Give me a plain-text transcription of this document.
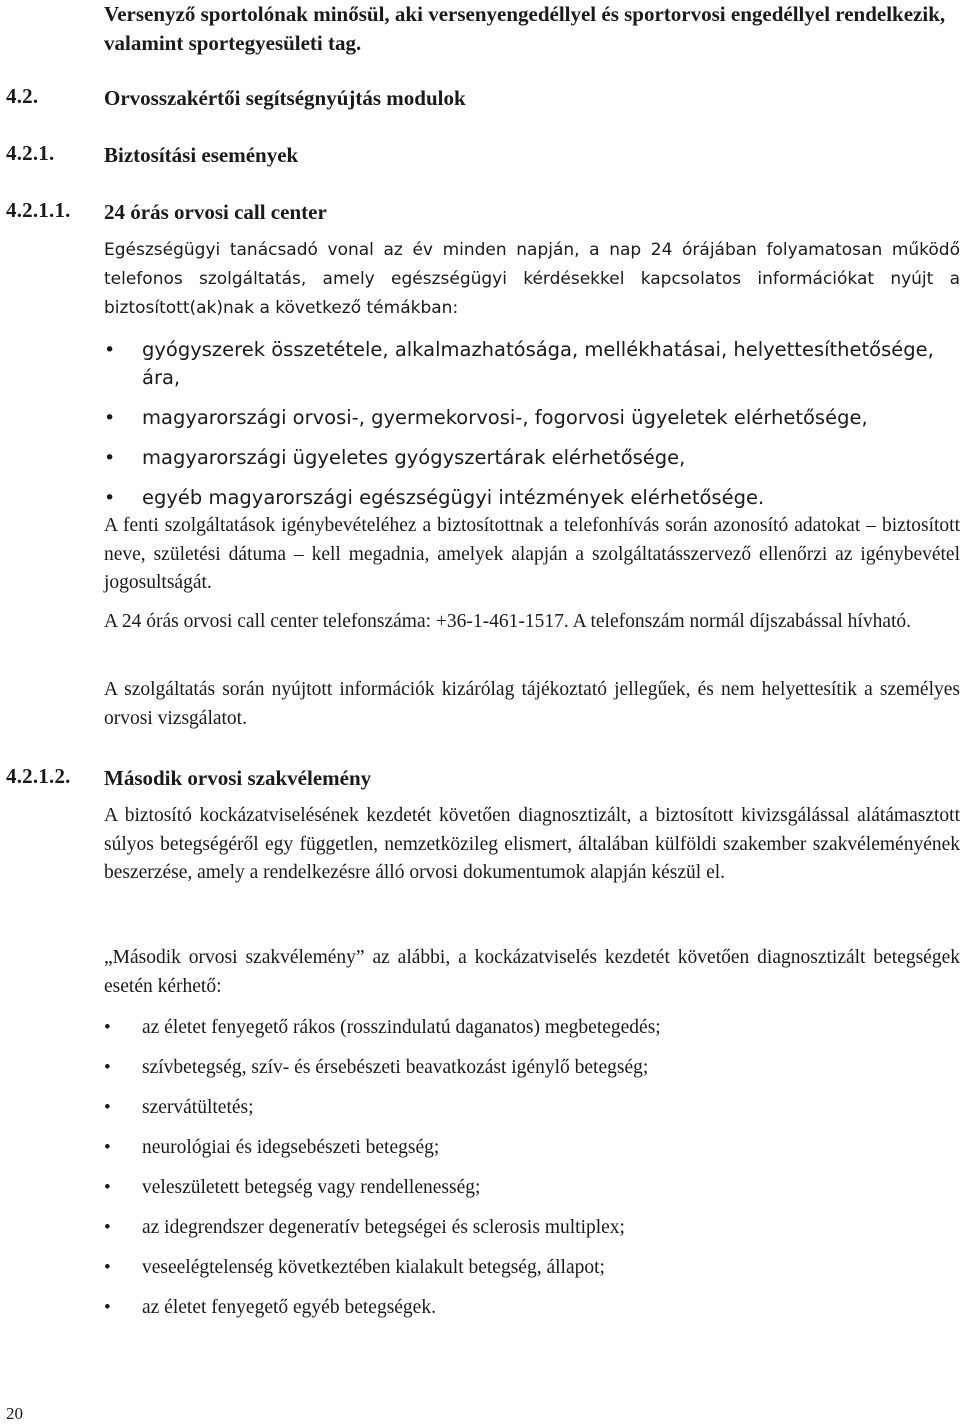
Versenyző sportolónak minősül, aki versenyengedéllyel és sportorvosi engedéllyel rendelkezik, valamint sportegyesületi tag.

4.2.	Orvosszakértői segítségnyújtás modulok

4.2.1. Biztosítási események

4.2.1.1. 24 órás orvosi call center

Egészségügyi tanácsadó vonal az év minden napján, a nap 24 órájában folyamatosan működő telefonos szolgáltatás, amely egészségügyi kérdésekkel kapcsolatos információkat nyújt a biztosított(ak)nak a következő témákban:

• gyógyszerek összetétele, alkalmazhatósága, mellékhatásai, helyettesíthetősége, ára,
• magyarországi orvosi-, gyermekorvosi-, fogorvosi ügyeletek elérhetősége,
• magyarországi ügyeletes gyógyszertárak elérhetősége,
• egyéb magyarországi egészségügyi intézmények elérhetősége.

A fenti szolgáltatások igénybevételéhez a biztosítottnak a telefonhívás során azonosító adatokat – biztosított neve, születési dátuma – kell megadnia, amelyek alapján a szolgáltatásszervező ellenőrzi az igénybevétel jogosultságát.

A 24 órás orvosi call center telefonszáma: +36-1-461-1517. A telefonszám normál díjszabással hívható.

A szolgáltatás során nyújtott információk kizárólag tájékoztató jellegűek, és nem helyettesítik a személyes orvosi vizsgálatot.

4.2.1.2. Második orvosi szakvélemény

A biztosító kockázatviselésének kezdetét követően diagnosztizált, a biztosított kivizsgálással alátámasztott súlyos betegségéről egy független, nemzetközileg elismert, általában külföldi szakember szakvéleményének beszerzése, amely a rendelkezésre álló orvosi dokumentumok alapján készül el.

„Második orvosi szakvélemény” az alábbi, a kockázatviselés kezdetét követően diagnosztizált betegségek esetén kérhető:

• az életet fenyegető rákos (rosszindulatú daganatos) megbetegedés;
• szívbetegség, szív- és érsebészeti beavatkozást igénylő betegség;
• szervátültetés;
• neurológiai és idegsebészeti betegség;
• veleszületett betegség vagy rendellenesség;
• az idegrendszer degeneratív betegségei és sclerosis multiplex;
• veseelégtelenség következtében kialakult betegség, állapot;
• az életet fenyegető egyéb betegségek.
20
